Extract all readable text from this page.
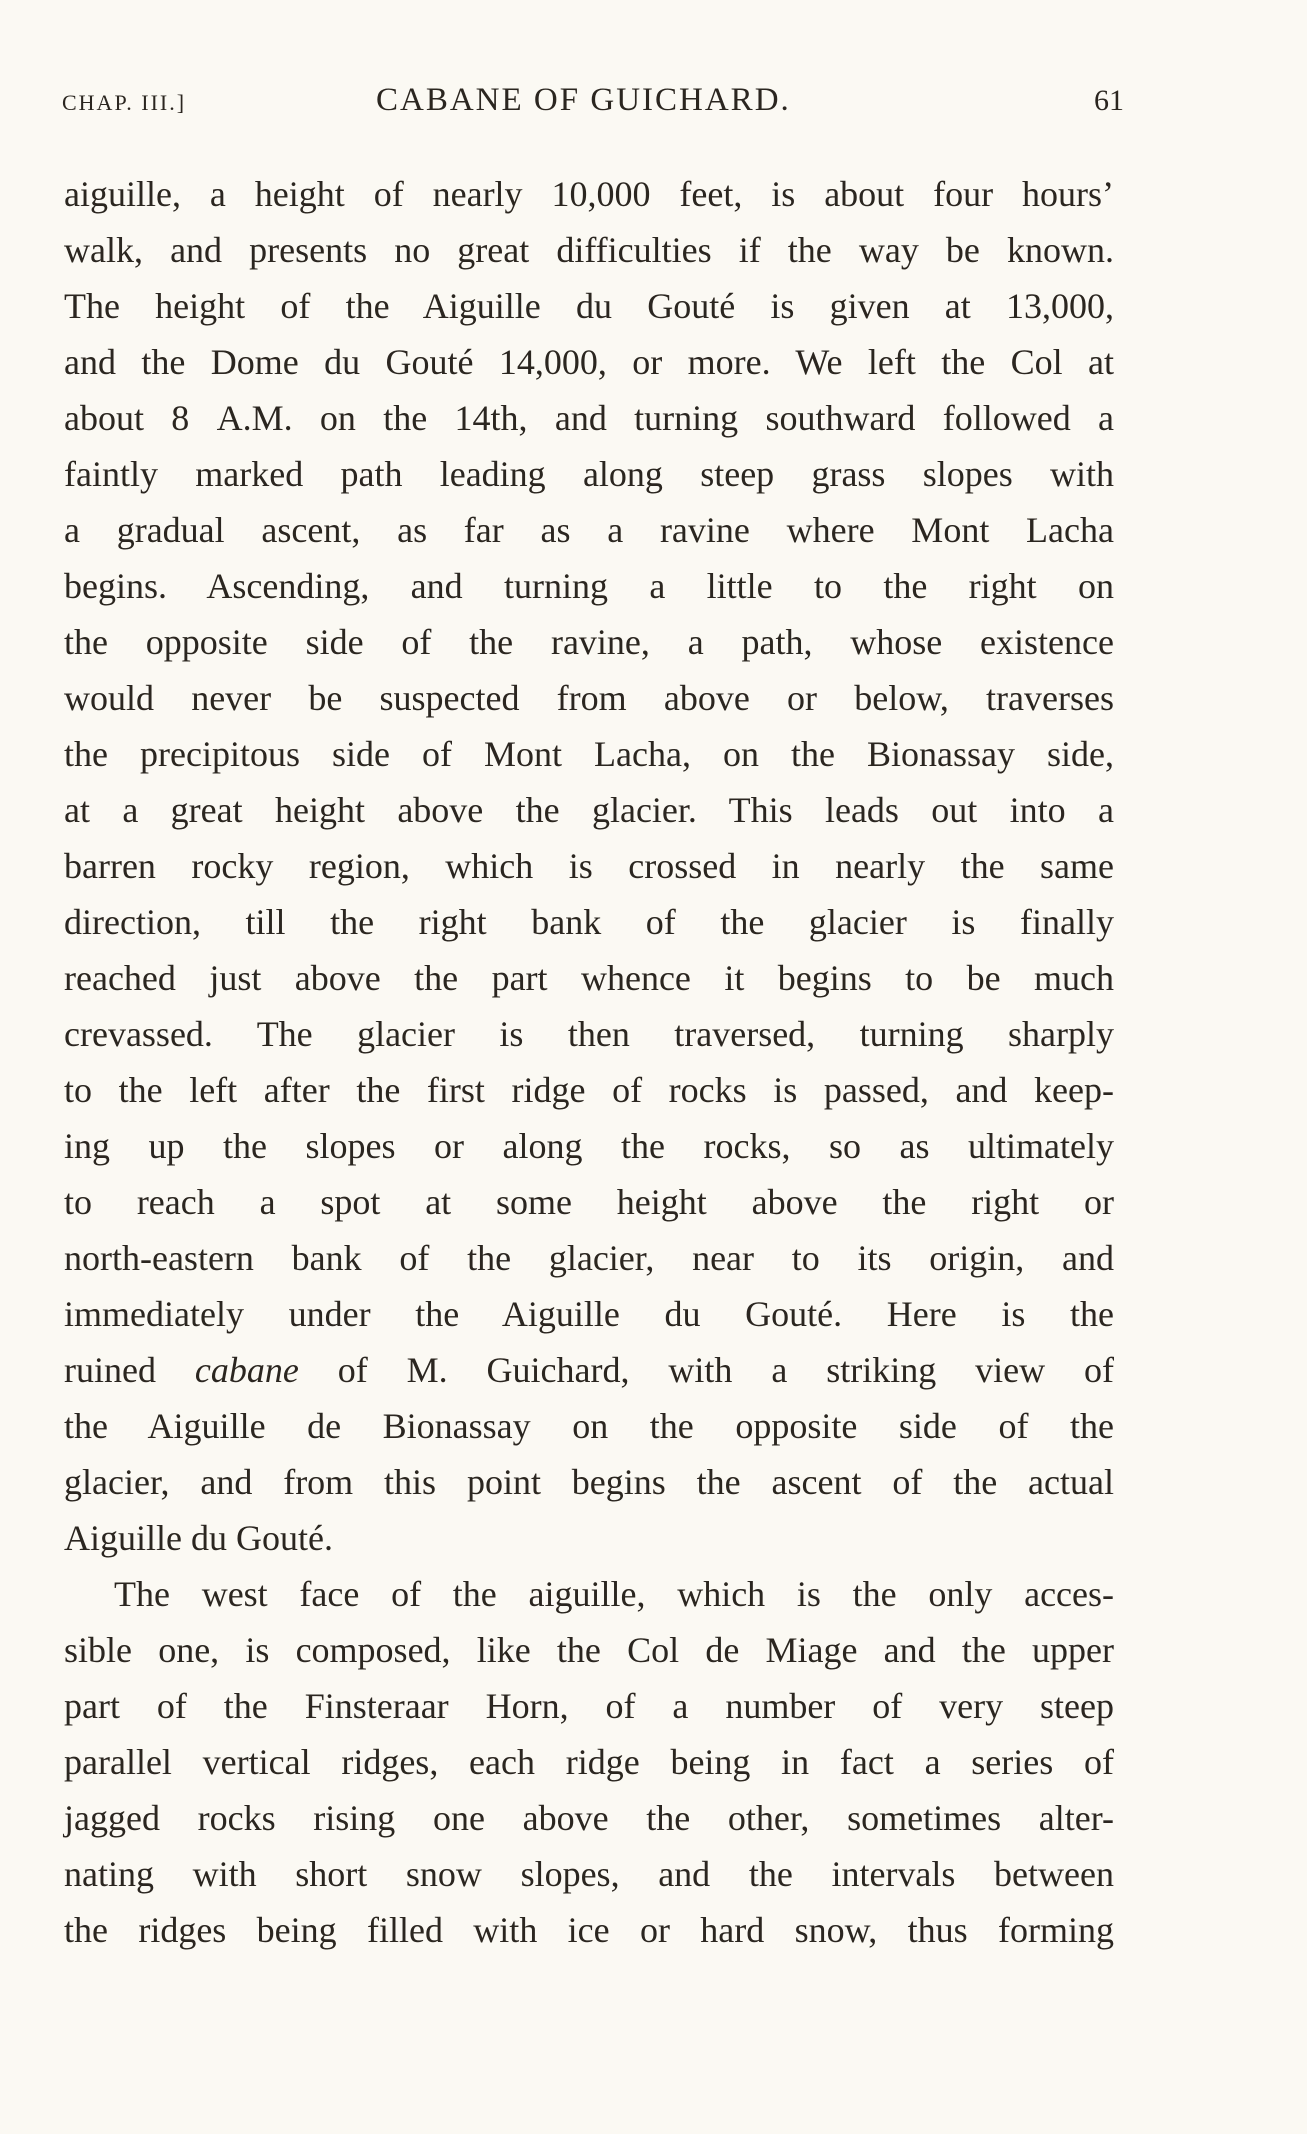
CHAP. III.]	CABANE OF GUICHARD.	61
aiguille, a height of nearly 10,000 feet, is about four hours’
walk, and presents no great difficulties if the way be known.
The height of the Aiguille du Gouté is given at 13,000,
and the Dome du Gouté 14,000, or more. We left the Col at
about 8 A.M. on the 14th, and turning southward followed a
faintly marked path leading along steep grass slopes with
a gradual ascent, as far as a ravine where Mont Lacha
begins. Ascending, and turning a little to the right on
the opposite side of the ravine, a path, whose existence
would never be suspected from above or below, traverses
the precipitous side of Mont Lacha, on the Bionassay side,
at a great height above the glacier. This leads out into a
barren rocky region, which is crossed in nearly the same
direction, till the right bank of the glacier is finally
reached just above the part whence it begins to be much
crevassed. The glacier is then traversed, turning sharply
to the left after the first ridge of rocks is passed, and keep-
ing up the slopes or along the rocks, so as ultimately
to reach a spot at some height above the right or
north-eastern bank of the glacier, near to its origin, and
immediately under the Aiguille du Gouté. Here is the
ruined cabane of M. Guichard, with a striking view of
the Aiguille de Bionassay on the opposite side of the
glacier, and from this point begins the ascent of the actual
Aiguille du Gouté.
The west face of the aiguille, which is the only acces-
sible one, is composed, like the Col de Miage and the upper
part of the Finsteraar Horn, of a number of very steep
parallel vertical ridges, each ridge being in fact a series of
jagged rocks rising one above the other, sometimes alter-
nating with short snow slopes, and the intervals between
the ridges being filled with ice or hard snow, thus forming
